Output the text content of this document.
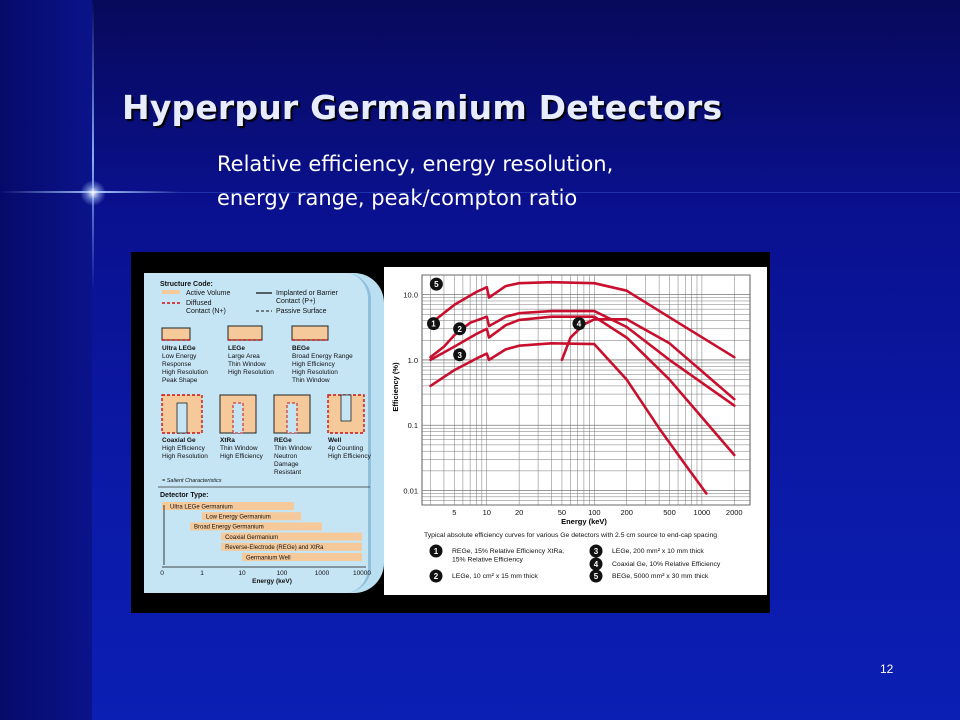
Hyperpur Germanium Detectors
Relative efficiency, energy resolution,
energy range, peak/compton ratio
Structure Code:
Active Volume	Implanted or Barrier
Contact (P+)
Diffused
Contact (N+)	Passive Surface
Ultra LEGe
Low Energy
Response
High Resolution
Peak Shape
LEGe
Large Area
Thin Window
High Resolution
BEGe
Broad Energy Range
High Efficiency
High Resolution
Thin Window
Coaxial Ge
High Efficiency
High Resolution
XtRa
Thin Window
High Efficiency
REGe
Thin Window
Neutron
Damage
Resistant
Well
4p Counting
High Efficiency
= Salient Characteristics
Detector Type:
Ultra LEGe Germanium
Low Energy Germanium
Broad Energy Germanium
Coaxial Germanium
Reverse-Electrode (REGe) and XtRa
Germanium Well
0	1	10	100	1000	10000
Energy (keV)
1
2
3
4
5
5	10	20	50	100	200	500 1000 2000
10.0
1.0
0.1
0.01
Energy (keV)
Efficiency (%)
Typical absolute efficiency curves for various Ge detectors with 2.5 cm source to end-cap spacing
1 REGe, 15% Relative Efficiency XtRa,
15% Relative Efficiency
2 LEGe, 10 cm² x 15 mm thick
3 LEGe, 200 mm² x 10 mm thick
4 Coaxial Ge, 10% Relative Efficiency
5 BEGe, 5000 mm² x 30 mm thick
12
